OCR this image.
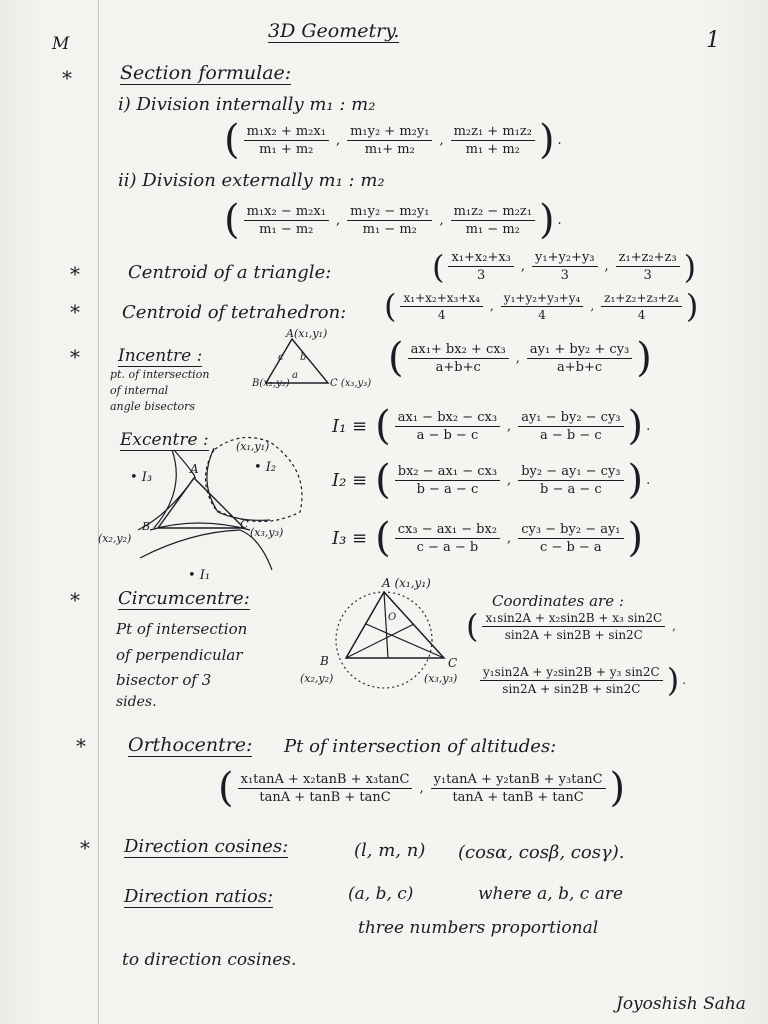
M
3D Geometry.	1
*
*
*
*
*
*
*
Section formulae:
i) Division internally m₁ : m₂
( $\frac{\text{m₁x₂ + m₂x₁}}{\text{m₁ + m₂}}$ , $\frac{\text{m₁y₂ + m₂y₁}}{\text{m₁+ m₂}}$ , $\frac{\text{m₂z₁ + m₁z₂}}{\text{m₁ + m₂}}$ ) .
ii) Division externally m₁ : m₂
( $\frac{\text{m₁x₂ − m₂x₁}}{\text{m₁ − m₂}}$ , $\frac{\text{m₁y₂ − m₂y₁}}{\text{m₁ − m₂}}$ , $\frac{\text{m₁z₂ − m₂z₁}}{\text{m₁ − m₂}}$ ) .
Centroid of a triangle:	( $\frac{\text{x₁+x₂+x₃}}{3}$ , $\frac{\text{y₁+y₂+y₃}}{3}$ , $\frac{\text{z₁+z₂+z₃}}{3}$ )
Centroid of tetrahedron: ( $\frac{\text{x₁+x₂+x₃+x₄}}{4}$ , $\frac{\text{y₁+y₂+y₃+y₄}}{4}$ , $\frac{\text{z₁+z₂+z₃+z₄}}{4}$ )
Incentre :
pt. of intersection
of internal
angle bisectors
A(x₁,y₁)
B(x₂,y₂)	C (x₃,y₃)
c b
a ( $\frac{\text{ax₁+ bx₂ + cx₃}}{a+b+c}$ , $\frac{\text{ay₁ + by₂ + cy₃}}{a+b+c}$ )
Excentre :
A
B	C
(x₁,y₁)
(x₂,y₂)	(x₃,y₃)
• I₃
• I₂
• I₁
I₁ ≡ ( $\frac{\text{ax₁ − bx₂ − cx₃}}{a - b - c}$ , $\frac{\text{ay₁ − by₂ − cy₃}}{a - b - c}$ ) .
I₂ ≡ ( $\frac{\text{bx₂ − ax₁ − cx₃}}{b - a - c}$ , $\frac{\text{by₂ − ay₁ − cy₃}}{b - a - c}$ ) .
I₃ ≡ ( $\frac{\text{cx₃ − ax₁ − bx₂}}{c - a - b}$ , $\frac{\text{cy₃ − by₂ − ay₁}}{c - b - a}$ )
Circumcentre:
Pt of intersection
of perpendicular
bisector of 3
sides.
A (x₁,y₁)
B
(x₂,y₂)
C
(x₃,y₃)
O
Coordinates are :
( $\frac{\text{x₁sin2A + x₂sin2B + x₃ sin2C}}{\sin 2A + \sin 2B + \sin 2C}$ ,
$\frac{\text{y₁sin2A + y₂sin2B + y₃ sin2C}}{\sin 2A + \sin 2B + \sin 2C}$ ) .
Orthocentre: Pt of intersection of altitudes:
( $\frac{\text{x₁tanA + x₂tanB + x₃tanC}}{\tan A + \tan B + \tan C}$ , $\frac{\text{y₁tanA + y₂tanB + y₃tanC}}{\tan A + \tan B + \tan C}$ )
Direction cosines:	(l, m, n) (cosα, cosβ, cosγ).
Direction ratios:	(a, b, c)	where a, b, c are
three numbers proportional
to direction cosines.
Joyoshish Saha
